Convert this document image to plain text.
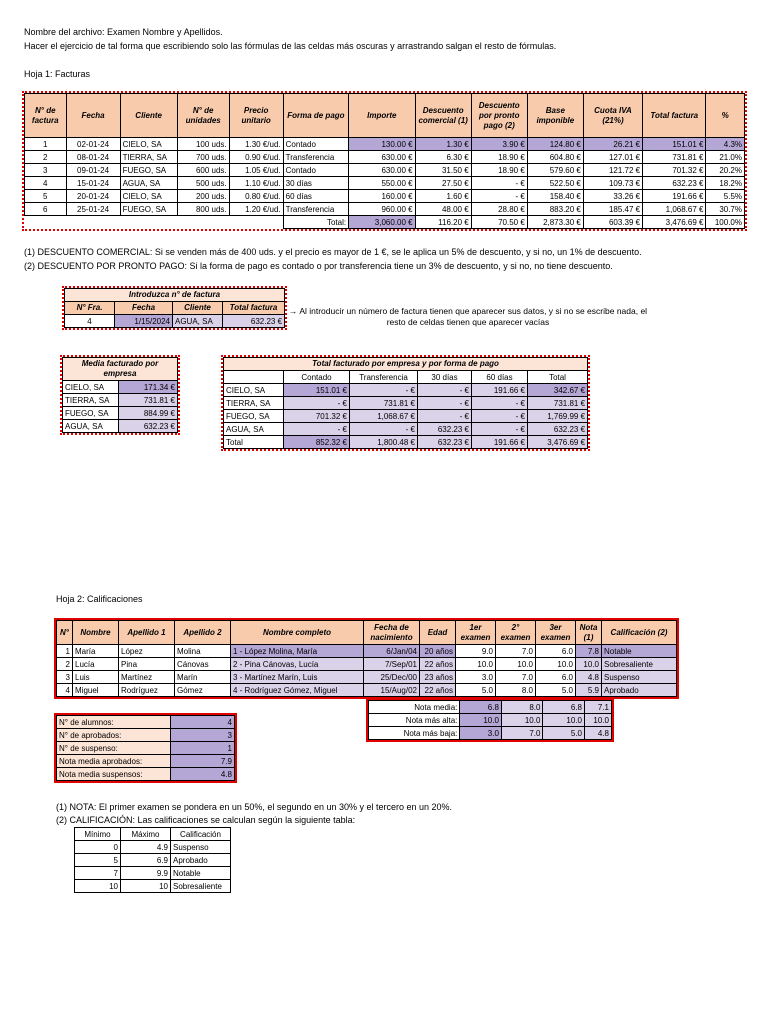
Nombre del archivo: Examen Nombre y Apellidos.
Hacer el ejercicio de tal forma que escribiendo solo las fórmulas de las celdas más oscuras y arrastrando salgan el resto de fórmulas.
Hoja 1: Facturas
N° de factura	Fecha	Cliente	N° de unidades	Precio unitario	Forma de pago	Importe	Descuento comercial (1)	Descuento por pronto pago (2)	Base imponible	Cuota IVA (21%)	Total factura	%
1	02-01-24	CIELO, SA	100 uds.	1.30 €/ud.	Contado	130.00 €	1.30 €	3.90 €	124.80 €	26.21 €	151.01 €	4.3%
2	08-01-24	TIERRA, SA	700 uds.	0.90 €/ud.	Transferencia	630.00 €	6.30 €	18.90 €	604.80 €	127.01 €	731.81 €	21.0%
3	09-01-24	FUEGO, SA	600 uds.	1.05 €/ud.	Contado	630.00 €	31.50 €	18.90 €	579.60 €	121.72 €	701.32 €	20.2%
4	15-01-24	AGUA, SA	500 uds.	1.10 €/ud.	30 días	550.00 €	27.50 €	- €	522.50 €	109.73 €	632.23 €	18.2%
5	20-01-24	CIELO, SA	200 uds.	0.80 €/ud.	60 días	160.00 €	1.60 €	- €	158.40 €	33.26 €	191.66 €	5.5%
6	25-01-24	FUEGO, SA	800 uds.	1.20 €/ud.	Transferencia	960.00 €	48.00 €	28.80 €	883.20 €	185.47 €	1,068.67 €	30.7%
					Total:	3,060.00 €	116.20 €	70.50 €	2,873.30 €	603.39 €	3,476.69 €	100.0%
(1) DESCUENTO COMERCIAL: Si se venden más de 400 uds. y el precio es mayor de 1 €, se le aplica un 5% de descuento, y si no, un 1% de descuento.
(2) DESCUENTO POR PRONTO PAGO: Si la forma de pago es contado o por transferencia tiene un 3% de descuento, y si no, no tiene descuento.
Introduzca n° de factura			
N° Fra.	Fecha	Cliente	Total factura
4	1/15/2024	AGUA, SA	632.23 €
→ Al introducir un número de factura tienen que aparecer sus datos, y si no se escribe nada, el resto de celdas tienen que aparecer vacías
Media facturado por empresa	
CIELO, SA	171.34 €
TIERRA, SA	731.81 €
FUEGO, SA	884.99 €
AGUA, SA	632.23 €
Total facturado por empresa y por forma de pago					
	Contado	Transferencia	30 días	60 días	Total
CIELO, SA	151.01 €	- €	- €	191.66 €	342.67 €
TIERRA, SA	- €	731.81 €	- €	- €	731.81 €
FUEGO, SA	701.32 €	1,068.67 €	- €	- €	1,769.99 €
AGUA, SA	- €	- €	632.23 €	- €	632.23 €
Total	852.32 €	1,800.48 €	632.23 €	191.66 €	3,476.69 €
Hoja 2: Calificaciones
N°	Nombre	Apellido 1	Apellido 2	Nombre completo	Fecha de nacimiento	Edad	1er examen	2° examen	3er examen	Nota (1)	Calificación (2)
1	María	López	Molina	1 - López Molina, María	6/Jan/04	20 años	9.0	7.0	6.0	7.8	Notable
2	Lucía	Pina	Cánovas	2 - Pina Cánovas, Lucía	7/Sep/01	22 años	10.0	10.0	10.0	10.0	Sobresaliente
3	Luis	Martínez	Marín	3 - Martínez Marín, Luis	25/Dec/00	23 años	3.0	7.0	6.0	4.8	Suspenso
4	Miguel	Rodríguez	Gómez	4 - Rodríguez Gómez, Miguel	15/Aug/02	22 años	5.0	8.0	5.0	5.9	Aprobado
Nota media:	6.8	8.0	6.8	7.1
Nota más alta:	10.0	10.0	10.0	10.0
Nota más baja:	3.0	7.0	5.0	4.8
N° de alumnos:	4
N° de aprobados:	3
N° de suspenso:	1
Nota media aprobados:	7.9
Nota media suspensos:	4.8
(1) NOTA: El primer examen se pondera en un 50%, el segundo en un 30% y el tercero en un 20%.
(2) CALIFICACIÓN: Las calificaciones se calculan según la siguiente tabla:
Mínimo	Máximo	Calificación
0	4.9	Suspenso
5	6.9	Aprobado
7	9.9	Notable
10	10	Sobresaliente
